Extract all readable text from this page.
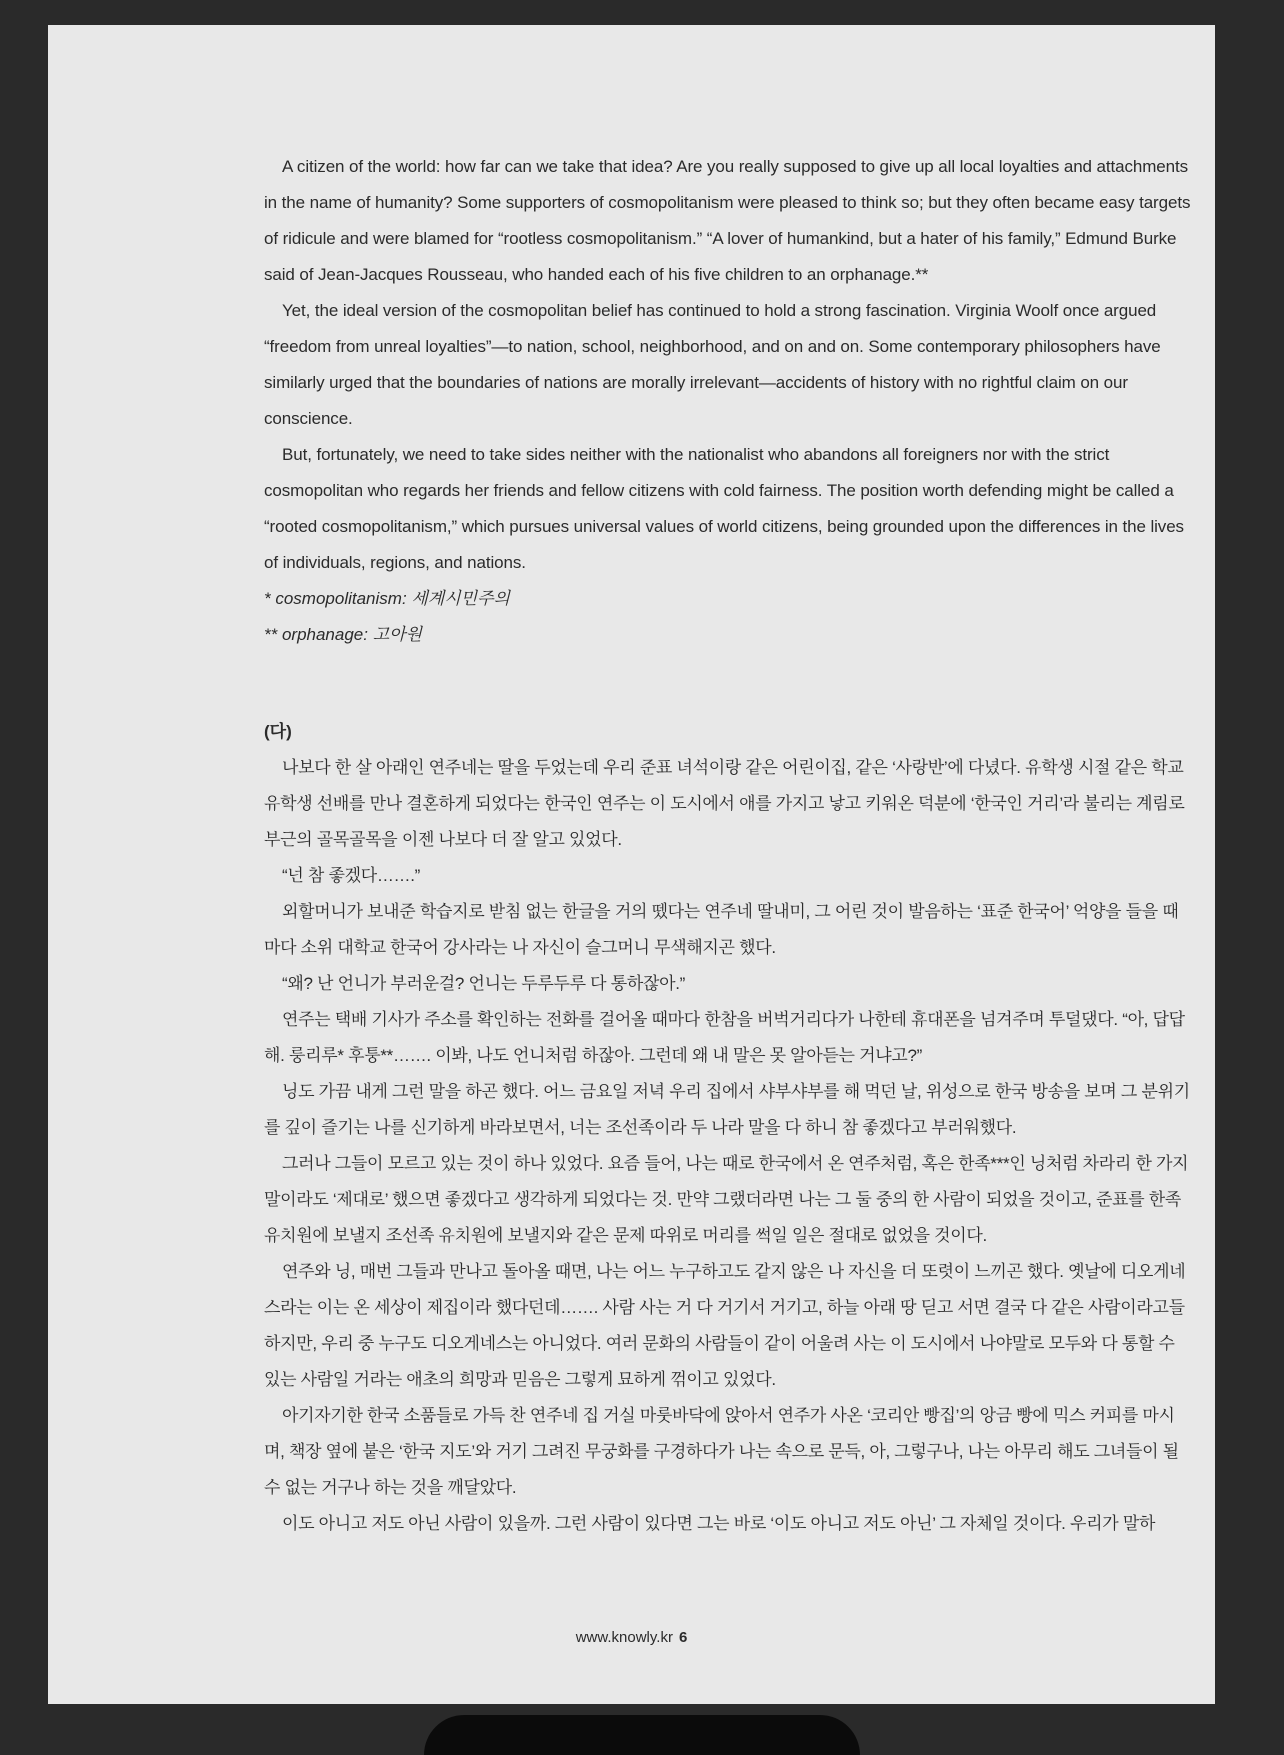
A citizen of the world: how far can we take that idea? Are you really supposed to give up all local loyalties and attachments in the name of humanity? Some supporters of cosmopolitanism were pleased to think so; but they often became easy targets of ridicule and were blamed for “rootless cosmopolitanism.” “A lover of humankind, but a hater of his family,” Edmund Burke said of Jean-Jacques Rousseau, who handed each of his five children to an orphanage.**

Yet, the ideal version of the cosmopolitan belief has continued to hold a strong fascination. Virginia Woolf once argued “freedom from unreal loyalties”—to nation, school, neighborhood, and on and on. Some contemporary philosophers have similarly urged that the boundaries of nations are morally irrelevant—accidents of history with no rightful claim on our conscience.

But, fortunately, we need to take sides neither with the nationalist who abandons all foreigners nor with the strict cosmopolitan who regards her friends and fellow citizens with cold fairness. The position worth defending might be called a “rooted cosmopolitanism,” which pursues universal values of world citizens, being grounded upon the differences in the lives of individuals, regions, and nations.

* cosmopolitanism: 세계시민주의

** orphanage: 고아원

(다)

나보다 한 살 아래인 연주네는 딸을 두었는데 우리 준표 녀석이랑 같은 어린이집, 같은 ‘사랑반’에 다녔다. 유학생 시절 같은 학교 유학생 선배를 만나 결혼하게 되었다는 한국인 연주는 이 도시에서 애를 가지고 낳고 키워온 덕분에 ‘한국인 거리’라 불리는 계림로 부근의 골목골목을 이젠 나보다 더 잘 알고 있었다.

“넌 참 좋겠다…….”

외할머니가 보내준 학습지로 받침 없는 한글을 거의 뗐다는 연주네 딸내미, 그 어린 것이 발음하는 ‘표준 한국어’ 억양을 들을 때마다 소위 대학교 한국어 강사라는 나 자신이 슬그머니 무색해지곤 했다.

“왜? 난 언니가 부러운걸? 언니는 두루두루 다 통하잖아.”

연주는 택배 기사가 주소를 확인하는 전화를 걸어올 때마다 한참을 버벅거리다가 나한테 휴대폰을 넘겨주며 투덜댔다. “아, 답답해. 룽리루* 후퉁**……. 이봐, 나도 언니처럼 하잖아. 그런데 왜 내 말은 못 알아듣는 거냐고?”

닝도 가끔 내게 그런 말을 하곤 했다. 어느 금요일 저녁 우리 집에서 샤부샤부를 해 먹던 날, 위성으로 한국 방송을 보며 그 분위기를 깊이 즐기는 나를 신기하게 바라보면서, 너는 조선족이라 두 나라 말을 다 하니 참 좋겠다고 부러워했다.

그러나 그들이 모르고 있는 것이 하나 있었다. 요즘 들어, 나는 때로 한국에서 온 연주처럼, 혹은 한족***인 닝처럼 차라리 한 가지 말이라도 ‘제대로’ 했으면 좋겠다고 생각하게 되었다는 것. 만약 그랬더라면 나는 그 둘 중의 한 사람이 되었을 것이고, 준표를 한족 유치원에 보낼지 조선족 유치원에 보낼지와 같은 문제 따위로 머리를 썩일 일은 절대로 없었을 것이다.

연주와 닝, 매번 그들과 만나고 돌아올 때면, 나는 어느 누구하고도 같지 않은 나 자신을 더 또렷이 느끼곤 했다. 옛날에 디오게네스라는 이는 온 세상이 제집이라 했다던데……. 사람 사는 거 다 거기서 거기고, 하늘 아래 땅 딛고 서면 결국 다 같은 사람이라고들 하지만, 우리 중 누구도 디오게네스는 아니었다. 여러 문화의 사람들이 같이 어울려 사는 이 도시에서 나야말로 모두와 다 통할 수 있는 사람일 거라는 애초의 희망과 믿음은 그렇게 묘하게 꺾이고 있었다.

아기자기한 한국 소품들로 가득 찬 연주네 집 거실 마룻바닥에 앉아서 연주가 사온 ‘코리안 빵집’의 앙금 빵에 믹스 커피를 마시며, 책장 옆에 붙은 ‘한국 지도’와 거기 그려진 무궁화를 구경하다가 나는 속으로 문득, 아, 그렇구나, 나는 아무리 해도 그녀들이 될 수 없는 거구나 하는 것을 깨달았다.

이도 아니고 저도 아닌 사람이 있을까. 그런 사람이 있다면 그는 바로 ‘이도 아니고 저도 아닌’ 그 자체일 것이다. 우리가 말하

www.knowly.kr 6
